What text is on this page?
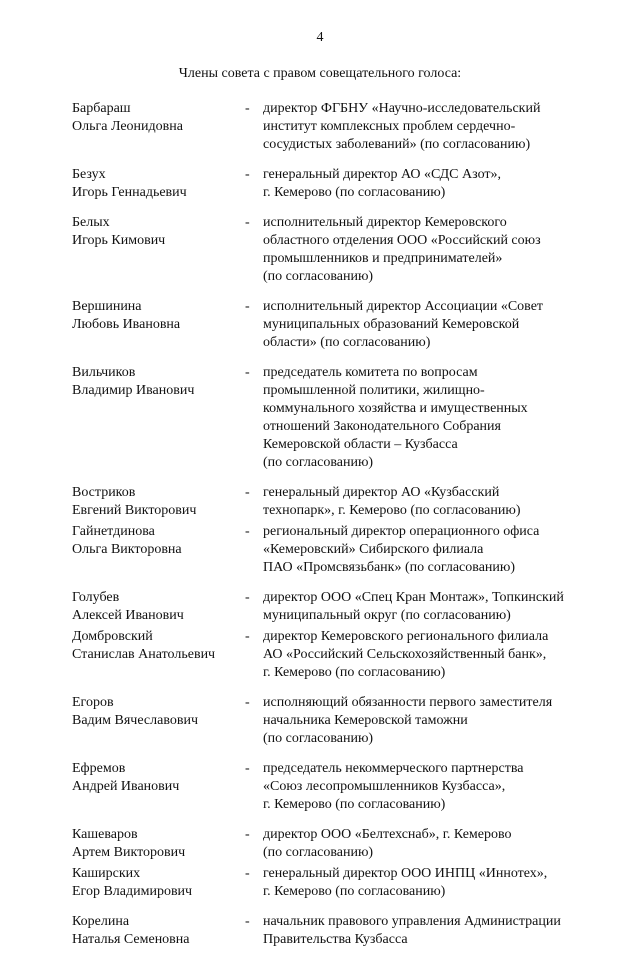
4
Члены совета с правом совещательного голоса:
Барбараш
Ольга Леонидовна
- директор ФГБНУ «Научно-исследовательский
институт комплексных проблем сердечно-
сосудистых заболеваний» (по согласованию)
Безух
Игорь Геннадьевич
- генеральный директор АО «СДС Азот»,
г. Кемерово (по согласованию)
Белых
Игорь Кимович
- исполнительный директор Кемеровского
областного отделения ООО «Российский союз
промышленников и предпринимателей»
(по согласованию)
Вершинина
Любовь Ивановна
- исполнительный директор Ассоциации «Совет
муниципальных образований Кемеровской
области» (по согласованию)
Вильчиков
Владимир Иванович
- председатель комитета по вопросам
промышленной политики, жилищно-
коммунального хозяйства и имущественных
отношений Законодательного Собрания
Кемеровской области – Кузбасса
(по согласованию)
Востриков
Евгений Викторович
- генеральный директор АО «Кузбасский
технопарк», г. Кемерово (по согласованию)
Гайнетдинова
Ольга Викторовна
- региональный директор операционного офиса
«Кемеровский» Сибирского филиала
ПАО «Промсвязьбанк» (по согласованию)
Голубев
Алексей Иванович
- директор ООО «Спец Кран Монтаж», Топкинский
муниципальный округ (по согласованию)
Домбровский
Станислав Анатольевич
- директор Кемеровского регионального филиала
АО «Российский Сельскохозяйственный банк»,
г. Кемерово (по согласованию)
Егоров
Вадим Вячеславович
- исполняющий обязанности первого заместителя
начальника Кемеровской таможни
(по согласованию)
Ефремов
Андрей Иванович
- председатель некоммерческого партнерства
«Союз лесопромышленников Кузбасса»,
г. Кемерово (по согласованию)
Кашеваров
Артем Викторович
- директор ООО «Белтехснаб», г. Кемерово
(по согласованию)
Каширских
Егор Владимирович
- генеральный директор ООО ИНПЦ «Иннотех»,
г. Кемерово (по согласованию)
Корелина
Наталья Семеновна
- начальник правового управления Администрации
Правительства Кузбасса
